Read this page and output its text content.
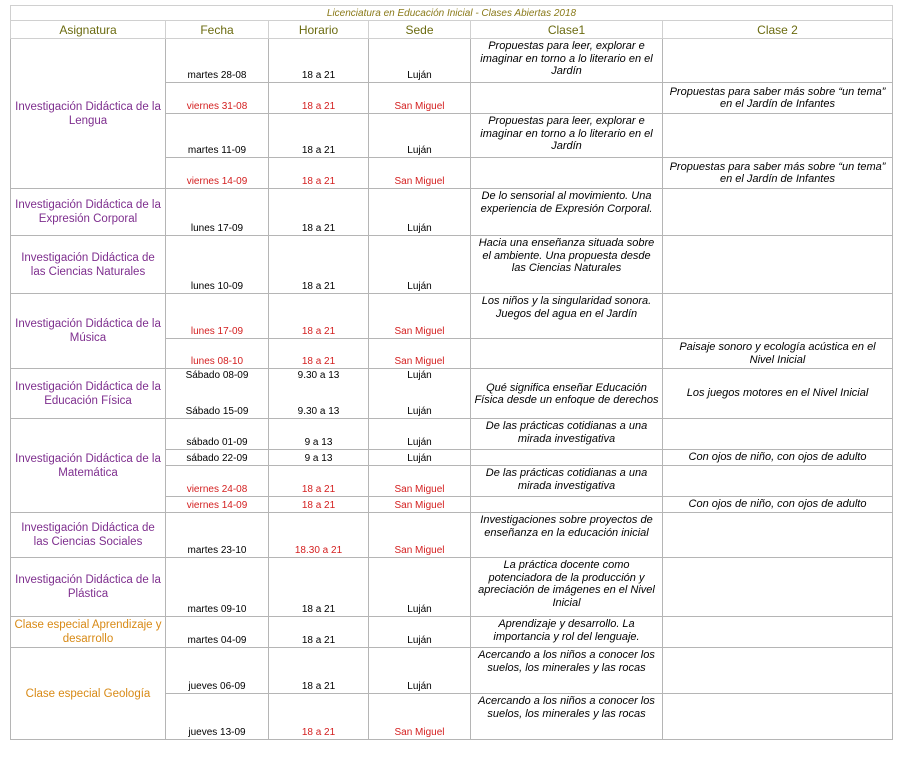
Licenciatura en Educación Inicial - Clases Abiertas 2018					
Asignatura	Fecha	Horario	Sede	Clase1	Clase 2
Investigación Didáctica de la Lengua	martes 28-08	18 a 21	Luján	Propuestas para leer, explorar e imaginar en torno a lo literario en el Jardín	
	viernes 31-08	18 a 21	San Miguel		Propuestas para saber más sobre “un tema” en el Jardín de Infantes
	martes 11-09	18 a 21	Luján	Propuestas para leer, explorar e imaginar en torno a lo literario en el Jardín	
	viernes 14-09	18 a 21	San Miguel		Propuestas para saber más sobre “un tema” en el Jardín de Infantes
Investigación Didáctica de la Expresión Corporal	lunes 17-09	18 a 21	Luján	De lo sensorial al movimiento. Una experiencia de Expresión Corporal.	
Investigación Didáctica de las Ciencias Naturales	lunes 10-09	18 a 21	Luján	Hacia una enseñanza situada sobre el ambiente. Una propuesta desde las Ciencias Naturales	
Investigación Didáctica de la Música	lunes 17-09	18 a 21	San Miguel	Los niños y la singularidad sonora. Juegos del agua en el Jardín	
	lunes 08-10	18 a 21	San Miguel		Paisaje sonoro y ecología acústica en el Nivel Inicial
Investigación Didáctica de la Educación Física	Sábado 08-09	9.30 a 13	Luján	Qué significa enseñar Educación Física desde un enfoque de derechos	Los juegos motores en el Nivel Inicial
	Sábado 15-09	9.30 a 13	Luján		
Investigación Didáctica de la Matemática	sábado 01-09	9 a 13	Luján	De las prácticas cotidianas a una mirada investigativa	
	sábado 22-09	9 a 13	Luján		Con ojos de niño, con ojos de adulto
	viernes 24-08	18 a 21	San Miguel	De las prácticas cotidianas a una mirada investigativa	
	viernes 14-09	18 a 21	San Miguel		Con ojos de niño, con ojos de adulto
Investigación Didáctica de las Ciencias Sociales	martes 23-10	18.30 a 21	San Miguel	Investigaciones sobre proyectos de enseñanza en la educación inicial	
Investigación Didáctica de la Plástica	martes 09-10	18 a 21	Luján	La práctica docente como potenciadora de la producción y apreciación de imágenes en el Nivel Inicial	
Clase especial Aprendizaje y desarrollo	martes 04-09	18 a 21	Luján	Aprendizaje y desarrollo. La importancia y rol del lenguaje.	
Clase especial Geología	jueves 06-09	18 a 21	Luján	Acercando a los niños a conocer los suelos, los minerales y las rocas	
	jueves 13-09	18 a 21	San Miguel	Acercando a los niños a conocer los suelos, los minerales y las rocas	
